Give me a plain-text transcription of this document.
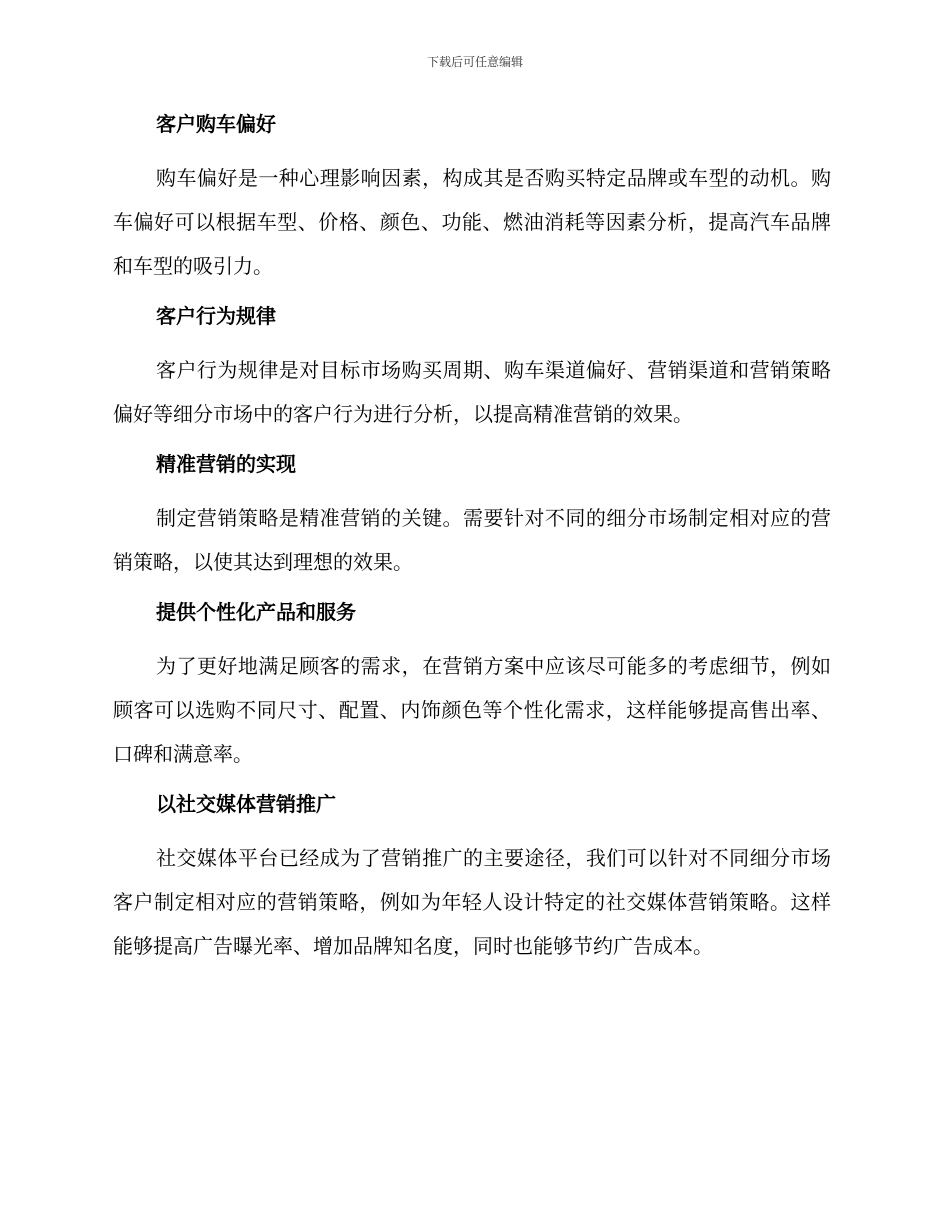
下载后可任意编辑
客户购车偏好
购车偏好是一种心理影响因素，构成其是否购买特定品牌或车型的动机。购车偏好可以根据车型、价格、颜色、功能、燃油消耗等因素分析，提高汽车品牌和车型的吸引力。
客户行为规律
客户行为规律是对目标市场购买周期、购车渠道偏好、营销渠道和营销策略偏好等细分市场中的客户行为进行分析，以提高精准营销的效果。
精准营销的实现
制定营销策略是精准营销的关键。需要针对不同的细分市场制定相对应的营销策略，以使其达到理想的效果。
提供个性化产品和服务
为了更好地满足顾客的需求，在营销方案中应该尽可能多的考虑细节，例如顾客可以选购不同尺寸、配置、内饰颜色等个性化需求，这样能够提高售出率、口碑和满意率。
以社交媒体营销推广
社交媒体平台已经成为了营销推广的主要途径，我们可以针对不同细分市场客户制定相对应的营销策略，例如为年轻人设计特定的社交媒体营销策略。这样能够提高广告曝光率、增加品牌知名度，同时也能够节约广告成本。
